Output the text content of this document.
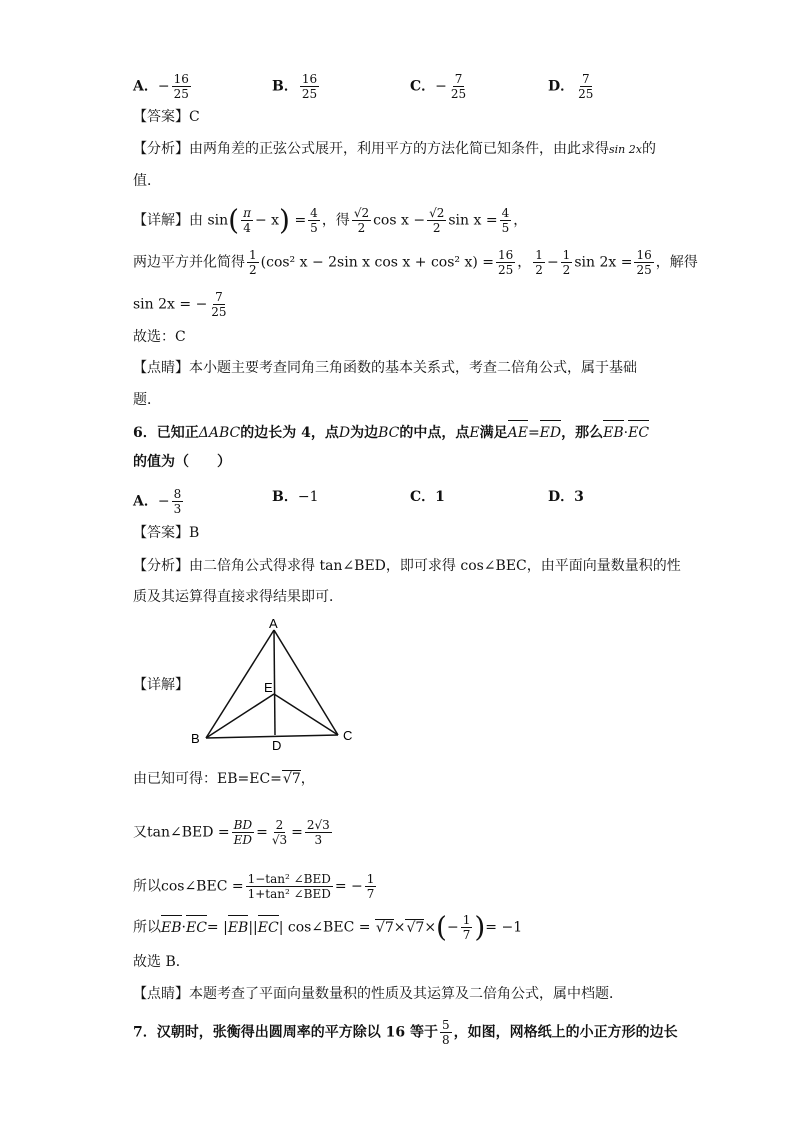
A．− $\frac{16}{25}$	B． $\frac{16}{25}$	C．− $\frac{7}{25}$	D． $\frac{7}{25}$
【答案】C
【分析】由两角差的正弦公式展开，利用平方的方法化简已知条件，由此求得sin 2x的
值．
【详解】由 $\sin( \frac{\pi}{4} - x) = \frac{4}{5}$ ，得 $\frac{√2}{2}$ $\cos x - \frac{√2}{2}$ $\sin x = \frac{4}{5}$ ，
两边平方并化简得 $\frac{1}{2} (\cos^2$ x − 2sin x cos x + cos² $x) = \frac{16}{25}$ ， $\frac{1}{2} - \frac{1}{2}$ $\sin 2x = \frac{16}{25}$ ，解得
sin 2x = − $\frac{7}{25}$
故选：C
【点睛】本小题主要考查同角三角函数的基本关系式，考查二倍角公式，属于基础
题．
6．已知正ΔABC的边长为 4，点D为边BC的中点，点E满足AE=ED，那么EB·EC
的值为（　　）
A．− $\frac{8}{3}$	B．−1	C．1	D．3
【答案】B
【分析】由二倍角公式得求得 tan∠BED，即可求得 cos∠BEC，由平面向量数量积的性
质及其运算得直接求得结果即可．
【详解】
A
B	C
D
E
由已知可得：EB=EC=√7，
又tan∠BED = $\frac{BD}{ED} = \frac{2}{√3} = \frac{2√3}{3}$
所以cos∠BEC = $\frac{\text{1−tan² ∠BED}}{\text{1+tan² ∠BED}}$ = − $\frac{1}{7}$
所以EB·EC= |EB||EC| cos∠BEC = $√7\times√7\times(- \frac{1}{7}$ )= −1
故选 B．
【点睛】本题考查了平面向量数量积的性质及其运算及二倍角公式，属中档题．
7．汉朝时，张衡得出圆周率的平方除以 16 等于 $\frac{5}{8}$ ，如图，网格纸上的小正方形的边长
